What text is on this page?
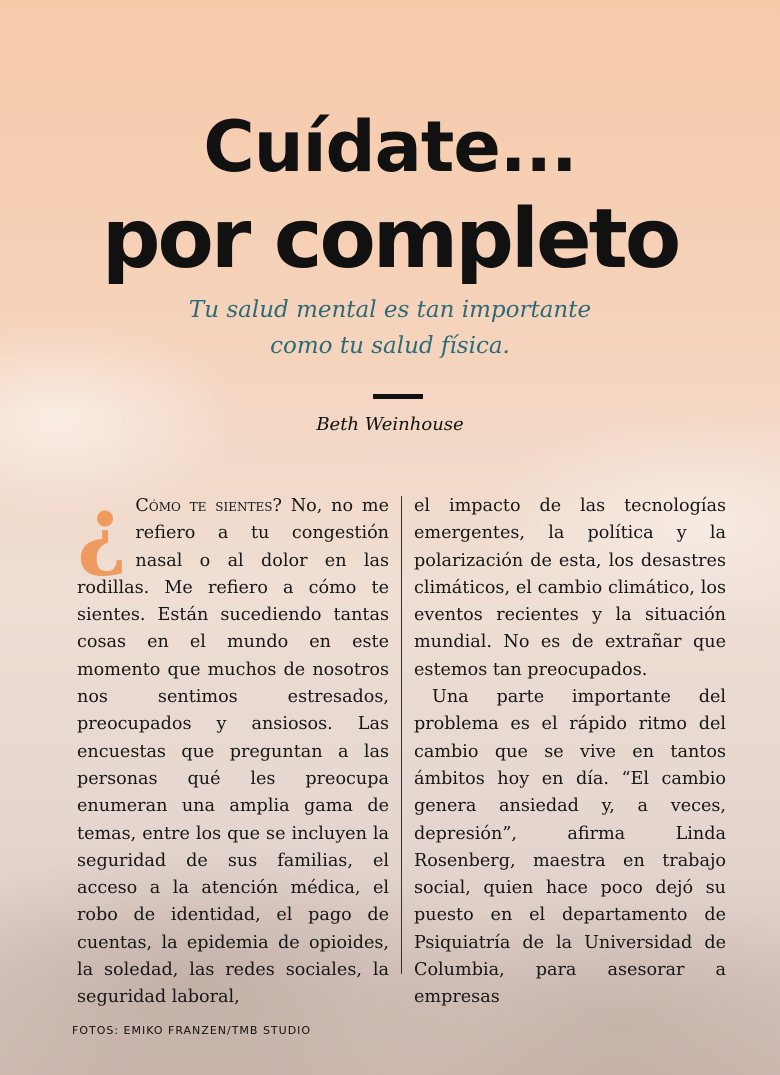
Cuídate...
por completo
Tu salud mental es tan importante
como tu salud física.
Beth Weinhouse

¿ Cómo te sientes? No, no me refiero a tu congestión nasal o al dolor en las rodillas. Me refiero a cómo te sientes. Están sucediendo tantas cosas en el mundo en este momento que muchos de nosotros nos sentimos estresados, preocupados y ansiosos. Las encuestas que preguntan a las personas qué les preocupa enumeran una amplia gama de temas, entre los que se incluyen la seguridad de sus familias, el acceso a la atención médica, el robo de identidad, el pago de cuentas, la epidemia de opioides, la soledad, las redes sociales, la seguridad laboral,

el impacto de las tecnologías emergentes, la política y la polarización de esta, los desastres climáticos, el cambio climático, los eventos recientes y la situación mundial. No es de extrañar que estemos tan preocupados.

Una parte importante del problema es el rápido ritmo del cambio que se vive en tantos ámbitos hoy en día. “El cambio genera ansiedad y, a veces, depresión”, afirma Linda Rosenberg, maestra en trabajo social, quien hace poco dejó su puesto en el departamento de Psiquiatría de la Universidad de Columbia, para asesorar a empresas

FOTOS: EMIKO FRANZEN/TMB STUDIO
